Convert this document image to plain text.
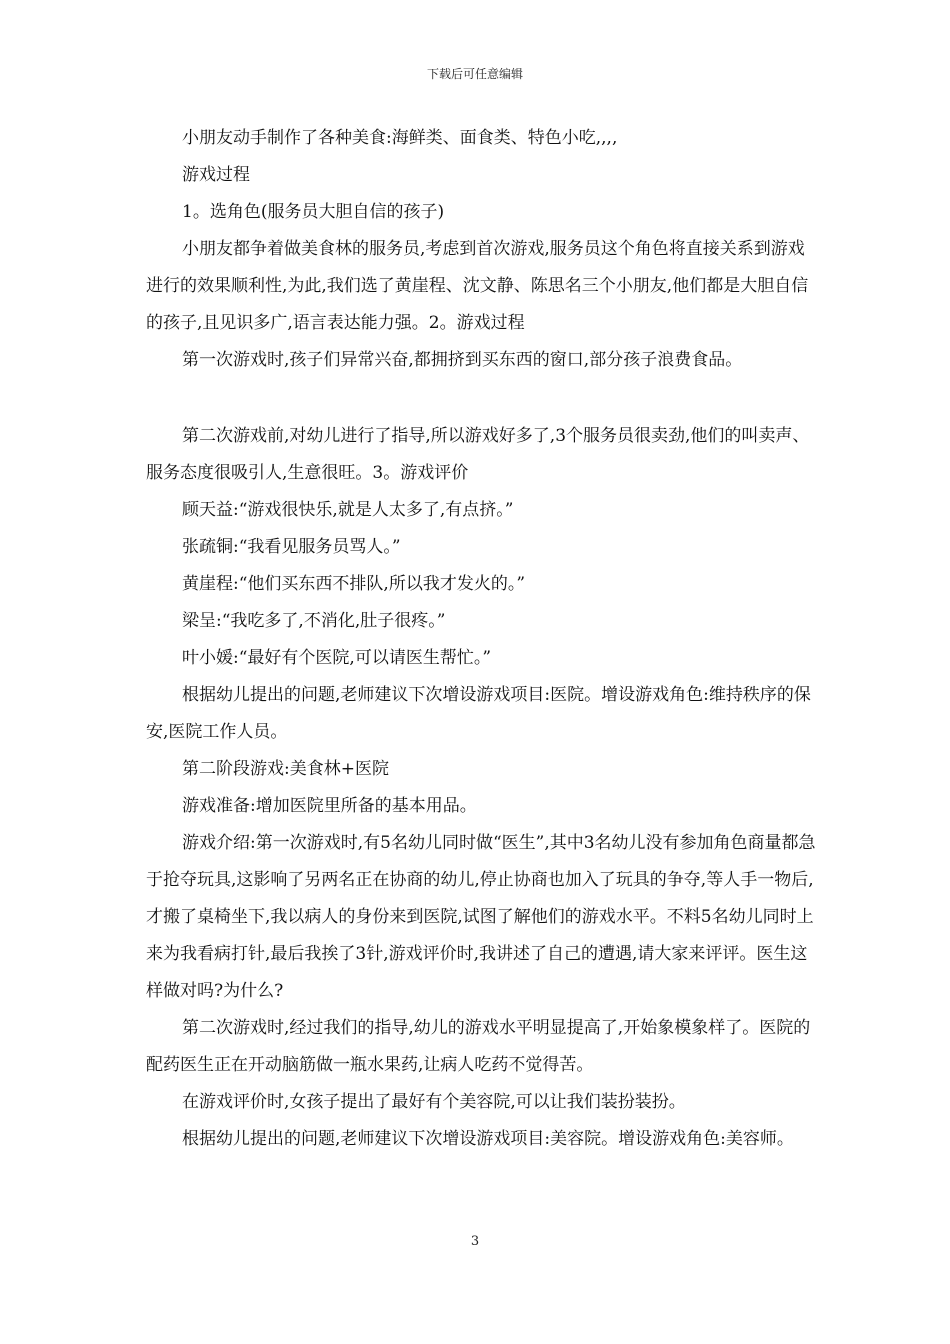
下载后可任意编辑

小朋友动手制作了各种美食:海鲜类、面食类、特色小吃,,,,

游戏过程

1。选角色(服务员大胆自信的孩子)

小朋友都争着做美食林的服务员,考虑到首次游戏,服务员这个角色将直接关系到游戏进行的效果顺利性,为此,我们选了黄崖程、沈文静、陈思名三个小朋友,他们都是大胆自信的孩子,且见识多广,语言表达能力强。2。游戏过程

第一次游戏时,孩子们异常兴奋,都拥挤到买东西的窗口,部分孩子浪费食品。

第二次游戏前,对幼儿进行了指导,所以游戏好多了,3个服务员很卖劲,他们的叫卖声、服务态度很吸引人,生意很旺。3。游戏评价

顾天益:“游戏很快乐,就是人太多了,有点挤。”

张疏铜:“我看见服务员骂人。”

黄崖程:“他们买东西不排队,所以我才发火的。”

梁呈:“我吃多了,不消化,肚子很疼。”

叶小媛:“最好有个医院,可以请医生帮忙。”

根据幼儿提出的问题,老师建议下次增设游戏项目:医院。增设游戏角色:维持秩序的保安,医院工作人员。

第二阶段游戏:美食林+医院

游戏准备:增加医院里所备的基本用品。

游戏介绍:第一次游戏时,有5名幼儿同时做“医生”,其中3名幼儿没有参加角色商量都急于抢夺玩具,这影响了另两名正在协商的幼儿,停止协商也加入了玩具的争夺,等人手一物后,才搬了桌椅坐下,我以病人的身份来到医院,试图了解他们的游戏水平。不料5名幼儿同时上来为我看病打针,最后我挨了3针,游戏评价时,我讲述了自己的遭遇,请大家来评评。医生这样做对吗?为什么?

第二次游戏时,经过我们的指导,幼儿的游戏水平明显提高了,开始象模象样了。医院的配药医生正在开动脑筋做一瓶水果药,让病人吃药不觉得苦。

在游戏评价时,女孩子提出了最好有个美容院,可以让我们装扮装扮。

根据幼儿提出的问题,老师建议下次增设游戏项目:美容院。增设游戏角色:美容师。

3
